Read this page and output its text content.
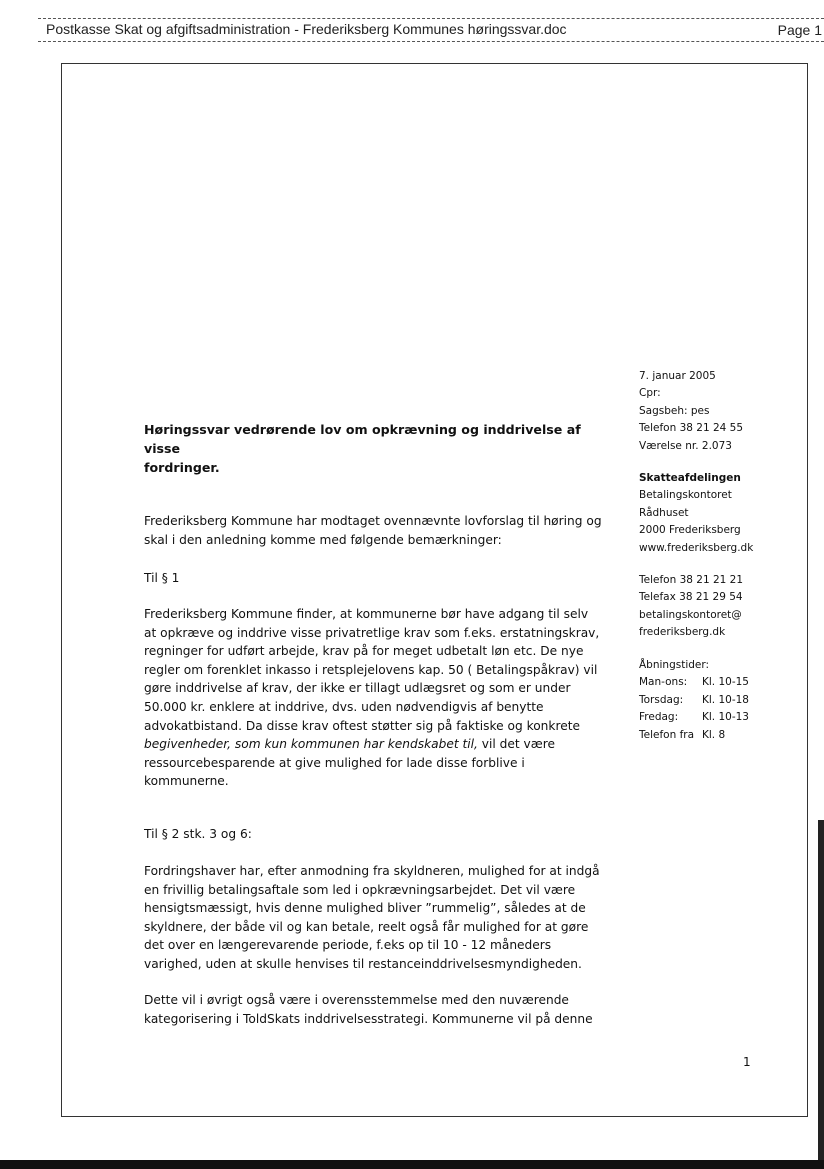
Postkasse Skat og afgiftsadministration - Frederiksberg Kommunes høringssvar.doc	Page 1
7. januar 2005
Cpr:
Sagsbeh: pes
Telefon 38 21 24 55
Værelse nr. 2.073
Skatteafdelingen
Betalingskontoret
Rådhuset
2000 Frederiksberg
www.frederiksberg.dk
Telefon 38 21 21 21
Telefax 38 21 29 54
betalingskontoret@
frederiksberg.dk
Åbningstider:
Man-ons:	Kl. 10-15
Torsdag:	Kl. 10-18
Fredag:	Kl. 10-13
Telefon fra Kl. 8
Høringssvar vedrørende lov om opkrævning og inddrivelse af visse
fordringer.
Frederiksberg Kommune har modtaget ovennævnte lovforslag til høring og
skal i den anledning komme med følgende bemærkninger:
Til § 1
Frederiksberg Kommune finder, at kommunerne bør have adgang til selv
at opkræve og inddrive visse privatretlige krav som f.eks. erstatningskrav,
regninger for udført arbejde, krav på for meget udbetalt løn etc. De nye
regler om forenklet inkasso i retsplejelovens kap. 50 ( Betalingspåkrav) vil
gøre inddrivelse af krav, der ikke er tillagt udlægsret og som er under
50.000 kr. enklere at inddrive, dvs. uden nødvendigvis af benytte
advokatbistand. Da disse krav oftest støtter sig på faktiske og konkrete
begivenheder, som kun kommunen har kendskabet til, vil det være
ressourcebesparende at give mulighed for lade disse forblive i
kommunerne.
Til § 2 stk. 3 og 6:
Fordringshaver har, efter anmodning fra skyldneren, mulighed for at indgå
en frivillig betalingsaftale som led i opkrævningsarbejdet. Det vil være
hensigtsmæssigt, hvis denne mulighed bliver ”rummelig”, således at de
skyldnere, der både vil og kan betale, reelt også får mulighed for at gøre
det over en længerevarende periode, f.eks op til 10 - 12 måneders
varighed, uden at skulle henvises til restanceinddrivelsesmyndigheden.
Dette vil i øvrigt også være i overensstemmelse med den nuværende
kategorisering i ToldSkats inddrivelsesstrategi. Kommunerne vil på denne
1
